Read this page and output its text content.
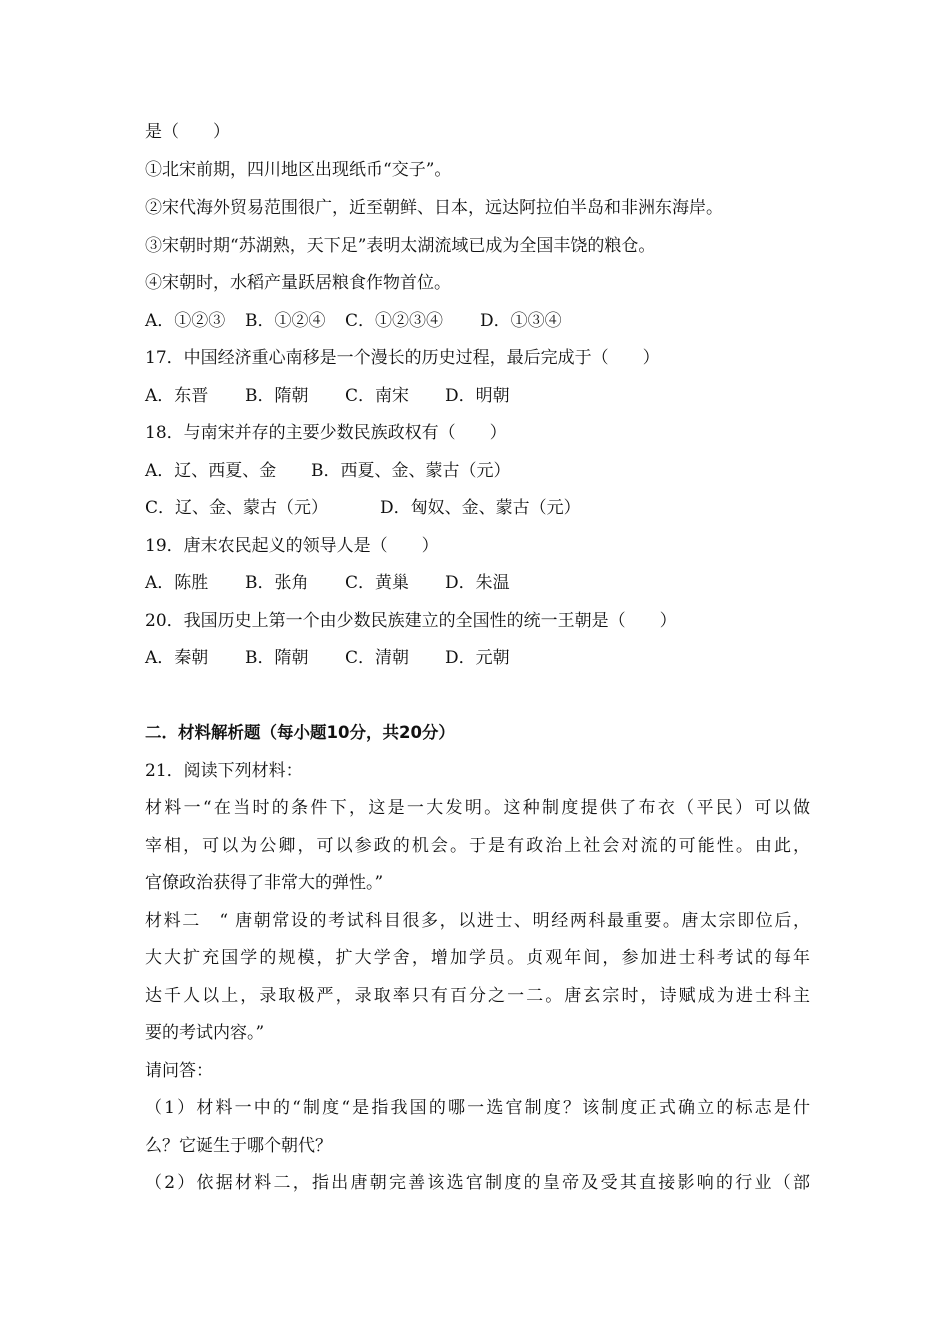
是（　　）
①北宋前期，四川地区出现纸币“交子”。
②宋代海外贸易范围很广，近至朝鲜、日本，远达阿拉伯半岛和非洲东海岸。
③宋朝时期“苏湖熟，天下足”表明太湖流域已成为全国丰饶的粮仓。
④宋朝时，水稻产量跃居粮食作物首位。
A．①②③ B．①②④ C．①②③④ D．①③④
17．中国经济重心南移是一个漫长的历史过程，最后完成于（　　）
A．东晋 B．隋朝 C．南宋 D．明朝
18．与南宋并存的主要少数民族政权有（　　）
A．辽、西夏、金 B．西夏、金、蒙古（元）
C．辽、金、蒙古（元）	D．匈奴、金、蒙古（元）
19．唐末农民起义的领导人是（　　）
A．陈胜 B．张角 C．黄巢 D．朱温
20．我国历史上第一个由少数民族建立的全国性的统一王朝是（　　）
A．秦朝 B．隋朝 C．清朝 D．元朝
二．材料解析题（每小题10分，共20分）
21．阅读下列材料：
材料一“在当时的条件下，这是一大发明。这种制度提供了布衣（平民）可以做
宰相，可以为公卿，可以参政的机会。于是有政治上社会对流的可能性。由此，
官僚政治获得了非常大的弹性。”
材料二　“ 唐朝常设的考试科目很多，以进士、明经两科最重要。唐太宗即位后，
大大扩充国学的规模，扩大学舍，增加学员。贞观年间，参加进士科考试的每年
达千人以上，录取极严，录取率只有百分之一二。唐玄宗时，诗赋成为进士科主
要的考试内容。”
请问答：
（1）材料一中的“制度“是指我国的哪一选官制度？该制度正式确立的标志是什
么？它诞生于哪个朝代？
（2）依据材料二，指出唐朝完善该选官制度的皇帝及受其直接影响的行业（部
